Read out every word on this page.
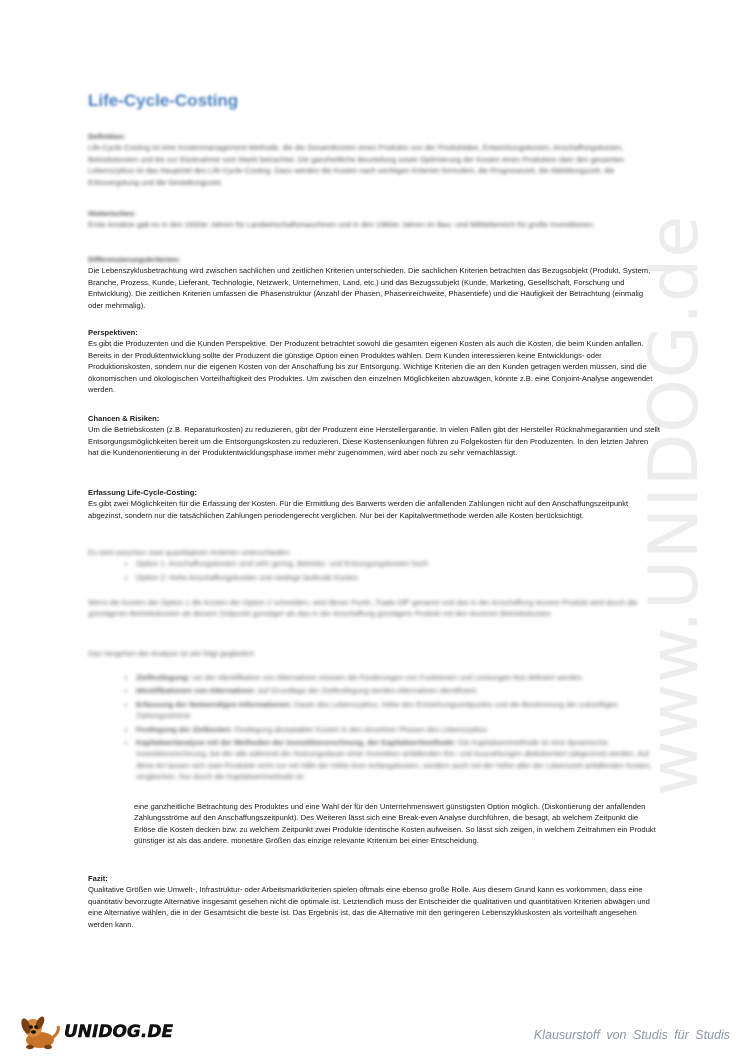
www.UNIDOG.de
Life-Cycle-Costing
Definition:

Life-Cycle-Costing ist eine Kostenmanagement-Methode, die die Gesamtkosten eines Produkts von der Produktidee, Entwicklungskosten, Anschaffungskosten, Betriebskosten und bis zur Rücknahme vom Markt betrachtet. Die ganzheitliche Beurteilung sowie Optimierung der Kosten eines Produktes über den gesamten Lebenszyklus ist das Hauptziel des Life-Cycle-Costing. Dazu werden die Kosten nach wichtigen Kriterien formuliert, die Prognosezeit, die Abbildungszeit, die Erlösvergütung und die Gestaltungszeit.

Historisches:

Erste Ansätze gab es in den 1930er Jahren für Landwirtschaftsmaschinen und in den 1960er Jahren im Bau- und Militärbereich für große Investitionen.

Differenzierungskriterien:

Die Lebenszyklusbetrachtung wird zwischen sachlichen und zeitlichen Kriterien unterschieden. Die sachlichen Kriterien betrachten das Bezugsobjekt (Produkt, System, Branche, Prozess, Kunde, Lieferant, Technologie, Netzwerk, Unternehmen, Land, etc.) und das Bezugssubjekt (Kunde, Marketing, Gesellschaft, Forschung und Entwicklung). Die zeitlichen Kriterien umfassen die Phasenstruktur (Anzahl der Phasen, Phasenreichweite, Phasentiefe) und die Häufigkeit der Betrachtung (einmalig oder mehrmalig).

Perspektiven:

Es gibt die Produzenten und die Kunden Perspektive. Der Produzent betrachtet sowohl die gesamten eigenen Kosten als auch die Kosten, die beim Kunden anfallen. Bereits in der Produktentwicklung sollte der Produzent die günstige Option einen Produktes wählen. Dem Kunden interessieren keine Entwicklungs- oder Produktionskosten, sondern nur die eigenen Kosten von der Anschaffung bis zur Entsorgung. Wichtige Kriterien die an den Kunden getragen werden müssen, sind die ökonomischen und ökologischen Vorteilhaftigkeit des Produktes. Um zwischen den einzelnen Möglichkeiten abzuwägen, könnte z.B. eine Conjoint-Analyse angewendet werden.

Chancen & Risiken:

Um die Betriebskosten (z.B. Reparaturkosten) zu reduzieren, gibt der Produzent eine Herstellergarantie. In vielen Fällen gibt der Hersteller Rücknahmegarantien und stellt Entsorgungsmöglichkeiten bereit um die Entsorgungskosten zu reduzieren. Diese Kostensenkungen führen zu Folgekosten für den Produzenten. In den letzten Jahren hat die Kundenorientierung in der Produktentwicklungsphase immer mehr zugenommen, wird aber noch zu sehr vernachlässigt.

Erfassung Life-Cycle-Costing:

Es gibt zwei Möglichkeiten für die Erfassung der Kosten. Für die Ermittlung des Barwerts werden die anfallenden Zahlungen nicht auf den Anschaffungszeitpunkt abgezinst, sondern nur die tatsächlichen Zahlungen periodengerecht verglichen. Nur bei der Kapitalwertmethode werden alle Kosten berücksichtigt.

Es wird zwischen zwei quantitativen Kriterien unterschieden:

• Option 1: Anschaffungskosten sind sehr gering, Betriebs- und Entsorgungskosten hoch
• Option 2: Hohe Anschaffungskosten und niedrige laufende Kosten

Wenn die Kosten der Option 1 die Kosten der Option 2 schneiden, wird dieser Punkt „Trade-Off“ genannt und das in der Anschaffung teurere Produkt wird durch die günstigeren Betriebskosten ab diesem Zeitpunkt günstiger als das in der Anschaffung günstigere Produkt mit den teureren Betriebskosten.

Das Vorgehen der Analyse ist wie folgt gegliedert:

• Zielfestlegung: vor der Identifikation von Alternativen müssen die Forderungen von Funktionen und Leistungen fest definiert werden.
• Identifikationen von Alternativen: auf Grundlage der Zielfestlegung werden Alternativen identifiziert.
• Erfassung der Notwendigen Informationen: Dauer des Lebenszyklus, Höhe des Entstehungszeitpunkts und die Bestimmung der zukünftigen Zahlungsströme
• Festlegung der Zielkosten: Festlegung akzeptabler Kosten in den einzelnen Phasen des Lebenszyklus
• Kapitalwertanalyse mit der Methoden der Investitionsrechnung, der Kapitalwertmethode: Die Kapitalwertmethode ist eine dynamische Investitionsrechnung, bei der alle während der Nutzungsdauer einer Investition anfallenden Ein- und Auszahlungen abdiskontiert (abgezinst) werden. Auf diese Art lassen sich zwei Produkte nicht nur mit Hilfe der Höhe ihrer Anfangskosten, sondern auch mit der Höhe aller der Lebenszeit anfallenden Kosten, vergleichen. Nur durch die Kapitalwertmethode ist

eine ganzheitliche Betrachtung des Produktes und eine Wahl der für den Unternehmenswert günstigsten Option möglich. (Diskontierung der anfallenden Zahlungsströme auf den Anschaffungszeitpunkt). Des Weiteren lässt sich eine Break-even Analyse durchführen, die besagt, ab welchem Zeitpunkt die Erlöse die Kosten decken bzw. zu welchem Zeitpunkt zwei Produkte identische Kosten aufweisen. So lässt sich zeigen, in welchem Zeitrahmen ein Produkt günstiger ist als das andere. monetäre Größen das einzige relevante Kriterium bei einer Entscheidung.

Fazit:

Qualitative Größen wie Umwelt-, Infrastruktur- oder Arbeitsmarktkriterien spielen oftmals eine ebenso große Rolle. Aus diesem Grund kann es vorkommen, dass eine quantitativ bevorzugte Alternative insgesamt gesehen nicht die optimale ist. Letztendlich muss der Entscheider die qualitativen und quantitativen Kriterien abwägen und eine Alternative wählen, die in der Gesamtsicht die beste ist. Das Ergebnis ist, das die Alternative mit den geringeren Lebenszykluskosten als vorteilhaft angesehen werden kann.

UNIDOG.DE	Klausurstoff von Studis für Studis
